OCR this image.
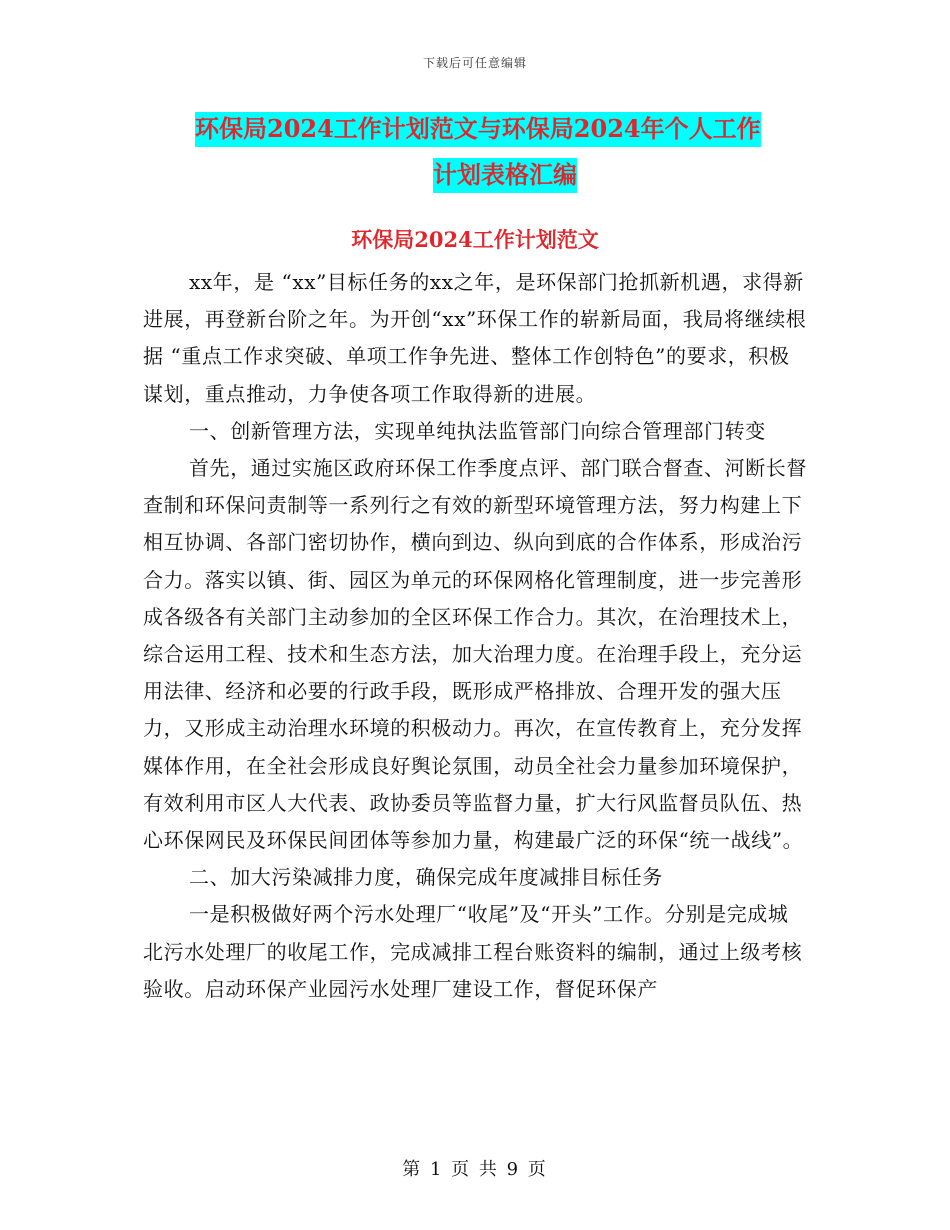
下载后可任意编辑
环保局2024工作计划范文与环保局2024年个人工作
计划表格汇编
环保局2024工作计划范文

xx年，是 “xx”目标任务的xx之年，是环保部门抢抓新机遇，求得新进展，再登新台阶之年。为开创“xx”环保工作的崭新局面，我局将继续根据 “重点工作求突破、单项工作争先进、整体工作创特色”的要求，积极谋划，重点推动，力争使各项工作取得新的进展。

一、创新管理方法，实现单纯执法监管部门向综合管理部门转变

首先，通过实施区政府环保工作季度点评、部门联合督查、河断长督查制和环保问责制等一系列行之有效的新型环境管理方法，努力构建上下相互协调、各部门密切协作，横向到边、纵向到底的合作体系，形成治污合力。落实以镇、街、园区为单元的环保网格化管理制度，进一步完善形成各级各有关部门主动参加的全区环保工作合力。其次，在治理技术上，综合运用工程、技术和生态方法，加大治理力度。在治理手段上，充分运用法律、经济和必要的行政手段，既形成严格排放、合理开发的强大压力，又形成主动治理水环境的积极动力。再次，在宣传教育上，充分发挥媒体作用，在全社会形成良好舆论氛围，动员全社会力量参加环境保护，有效利用市区人大代表、政协委员等监督力量，扩大行风监督员队伍、热心环保网民及环保民间团体等参加力量，构建最广泛的环保“统一战线”。

二、加大污染减排力度，确保完成年度减排目标任务

一是积极做好两个污水处理厂“收尾”及“开头”工作。分别是完成城北污水处理厂的收尾工作，完成减排工程台账资料的编制，通过上级考核验收。启动环保产业园污水处理厂建设工作，督促环保产

第 1 页 共 9 页
